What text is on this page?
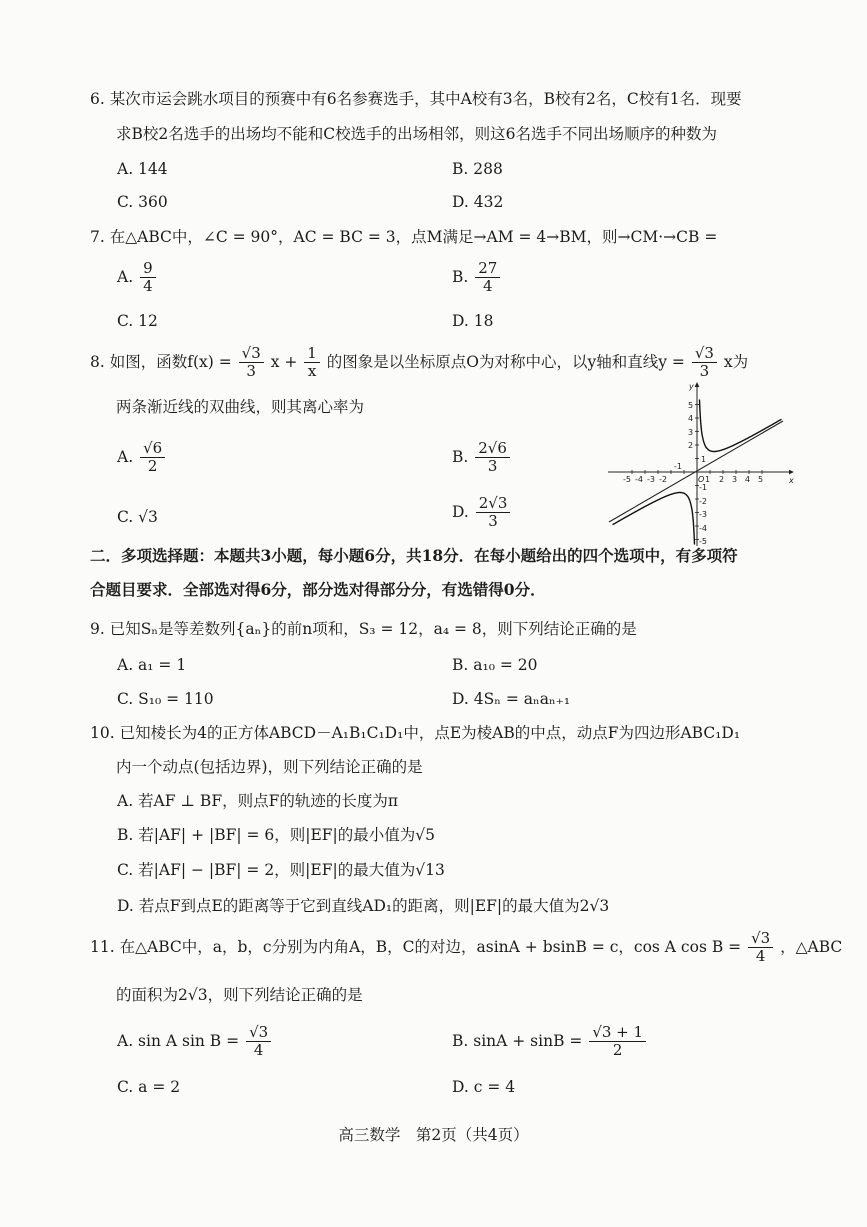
6. 某次市运会跳水项目的预赛中有6名参赛选手，其中A校有3名，B校有2名，C校有1名．现要
求B校2名选手的出场均不能和C校选手的出场相邻，则这6名选手不同出场顺序的种数为
A. 144	B. 288
C. 360	D. 432
7. 在△ABC中，∠C = 90°，AC = BC = 3，点M满足→AM = 4→BM，则→CM·→CB =
A. $\frac{9}{4}$	B. $\frac{27}{4}$
C. 12	D. 18
8. 如图，函数$f(x) = \frac{√3}{3}$ $x + \frac{1}{x}$ 的图象是以坐标原点O为对称中心，以y轴和直线$y = \frac{√3}{3}$ x为
两条渐近线的双曲线，则其离心率为
A. $\frac{√6}{2}$	B. $\frac{2√6}{3}$
C. √3	D. $\frac{2√3}{3}$
x
y
O
-5 -4 -3 -2
-1
1 2 3 4 5
5
4
3
2
1
-1
-2
-3
-4
-5
二．多项选择题：本题共3小题，每小题6分，共18分．在每小题给出的四个选项中，有多项符
合题目要求．全部选对得6分，部分选对得部分分，有选错得0分．
9. 已知Sₙ是等差数列{aₙ}的前n项和，S₃ = 12，a₄ = 8，则下列结论正确的是
A. a₁ = 1	B. a₁₀ = 20
C. S₁₀ = 110	D. 4Sₙ = aₙaₙ₊₁
10. 已知棱长为4的正方体ABCD－A₁B₁C₁D₁中，点E为棱AB的中点，动点F为四边形ABC₁D₁
内一个动点(包括边界)，则下列结论正确的是
A. 若AF ⊥ BF，则点F的轨迹的长度为π
B. 若|AF| + |BF| = 6，则|EF|的最小值为√5
C. 若|AF| − |BF| = 2，则|EF|的最大值为√13
D. 若点F到点E的距离等于它到直线AD₁的距离，则|EF|的最大值为2√3
11. 在△ABC中，a，b，c分别为内角A，B，C的对边，asinA + bsinB = c，cos A $\cos B = \frac{√3}{4}$ ，△ABC
的面积为2√3，则下列结论正确的是
A. sin A $\sin B = \frac{√3}{4}$	B. $\sin A + \sin B = \frac{√3 + 1}{2}$
C. a = 2	D. c = 4
高三数学　第2页（共4页）
